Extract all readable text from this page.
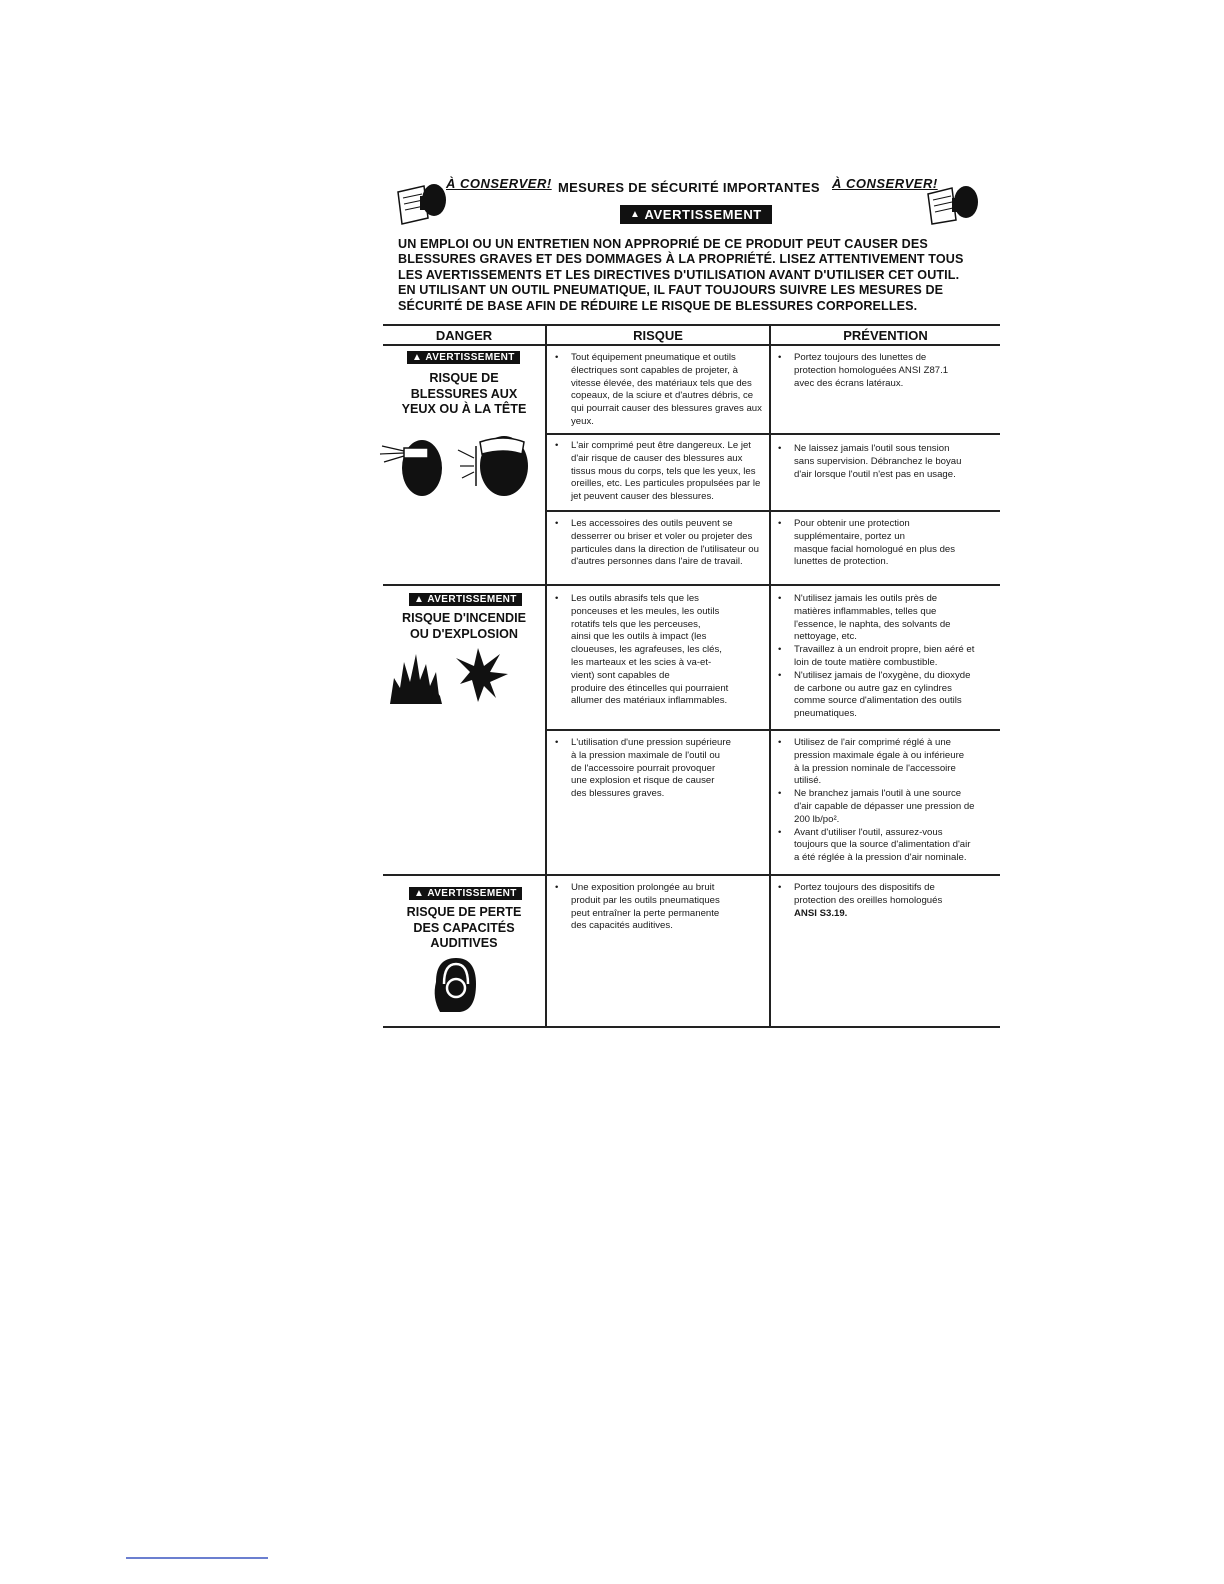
À CONSERVER! MESURES DE SÉCURITÉ IMPORTANTES À CONSERVER!
▲ AVERTISSEMENT
UN EMPLOI OU UN ENTRETIEN NON APPROPRIÉ DE CE PRODUIT PEUT CAUSER DES
BLESSURES GRAVES ET DES DOMMAGES À LA PROPRIÉTÉ. LISEZ ATTENTIVEMENT TOUS
LES AVERTISSEMENTS ET LES DIRECTIVES D'UTILISATION AVANT D'UTILISER CET OUTIL.
EN UTILISANT UN OUTIL PNEUMATIQUE, IL FAUT TOUJOURS SUIVRE LES MESURES DE
SÉCURITÉ DE BASE AFIN DE RÉDUIRE LE RISQUE DE BLESSURES CORPORELLES.
DANGER	RISQUE	PRÉVENTION
▲ AVERTISSEMENT
RISQUE DE
BLESSURES AUX
YEUX OU À LA TÊTE
• Tout équipement pneumatique et outils
électriques sont capables de projeter, à
vitesse élevée, des matériaux tels que des
copeaux, de la sciure et d'autres débris, ce
qui pourrait causer des blessures graves aux
yeux.
• Portez toujours des lunettes de
protection homologuées ANSI Z87.1
avec des écrans latéraux.
• L'air comprimé peut être dangereux. Le jet
d'air risque de causer des blessures aux
tissus mous du corps, tels que les yeux, les
oreilles, etc. Les particules propulsées par le
jet peuvent causer des blessures.
• Ne laissez jamais l'outil sous tension
sans supervision. Débranchez le boyau
d'air lorsque l'outil n'est pas en usage.
• Les accessoires des outils peuvent se
desserrer ou briser et voler ou projeter des
particules dans la direction de l'utilisateur ou
d'autres personnes dans l'aire de travail.
• Pour obtenir une protection
supplémentaire, portez un
masque facial homologué en plus des
lunettes de protection.
▲ AVERTISSEMENT
RISQUE D'INCENDIE
OU D'EXPLOSION
• Les outils abrasifs tels que les
ponceuses et les meules, les outils
rotatifs tels que les perceuses,
ainsi que les outils à impact (les
cloueuses, les agrafeuses, les clés,
les marteaux et les scies à va-et-
vient) sont capables de
produire des étincelles qui pourraient
allumer des matériaux inflammables.
• N'utilisez jamais les outils près de
matières inflammables, telles que
l'essence, le naphta, des solvants de
nettoyage, etc.
• Travaillez à un endroit propre, bien aéré et
loin de toute matière combustible.
• N'utilisez jamais de l'oxygène, du dioxyde
de carbone ou autre gaz en cylindres
comme source d'alimentation des outils
pneumatiques.
• L'utilisation d'une pression supérieure
à la pression maximale de l'outil ou
de l'accessoire pourrait provoquer
une explosion et risque de causer
des blessures graves.
• Utilisez de l'air comprimé réglé à une
pression maximale égale à ou inférieure
à la pression nominale de l'accessoire
utilisé.
• Ne branchez jamais l'outil à une source
d'air capable de dépasser une pression de
200 lb/po².
• Avant d'utiliser l'outil, assurez-vous
toujours que la source d'alimentation d'air
a été réglée à la pression d'air nominale.
▲ AVERTISSEMENT
RISQUE DE PERTE
DES CAPACITÉS
AUDITIVES
• Une exposition prolongée au bruit
produit par les outils pneumatiques
peut entraîner la perte permanente
des capacités auditives.
• Portez toujours des dispositifs de
protection des oreilles homologués
ANSI S3.19.
